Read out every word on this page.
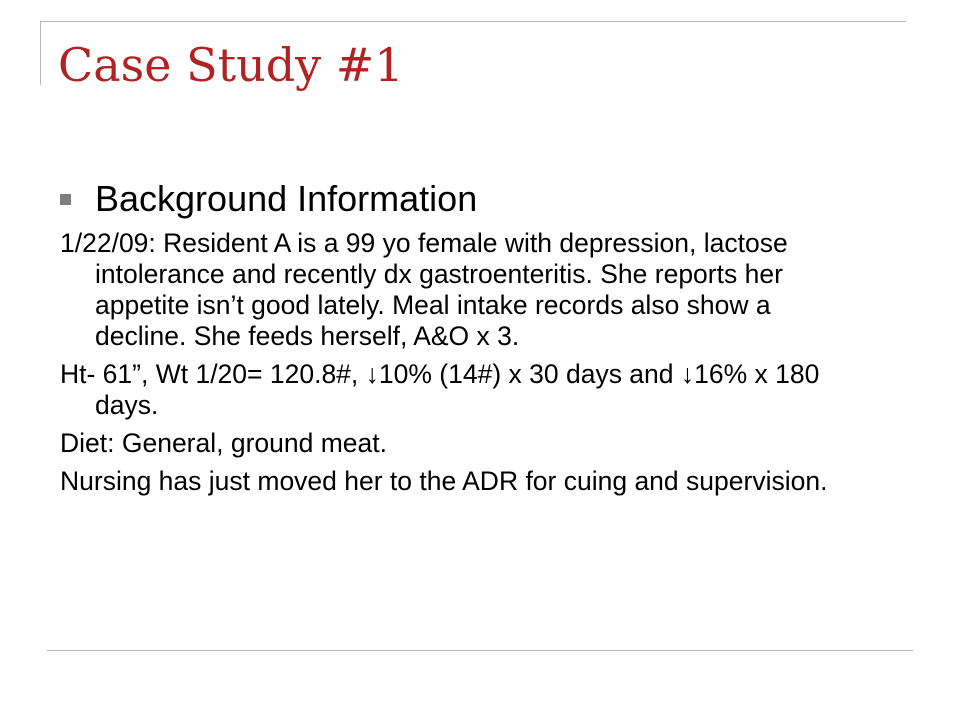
Case Study #1
Background Information

1/22/09: Resident A is a 99 yo female with depression, lactose intolerance and recently dx gastroenteritis. She reports her appetite isn’t good lately. Meal intake records also show a decline. She feeds herself, A&O x 3.

Ht- 61”, Wt 1/20= 120.8#, ↓10% (14#) x 30 days and ↓16% x 180 days.

Diet: General, ground meat.

Nursing has just moved her to the ADR for cuing and supervision.
